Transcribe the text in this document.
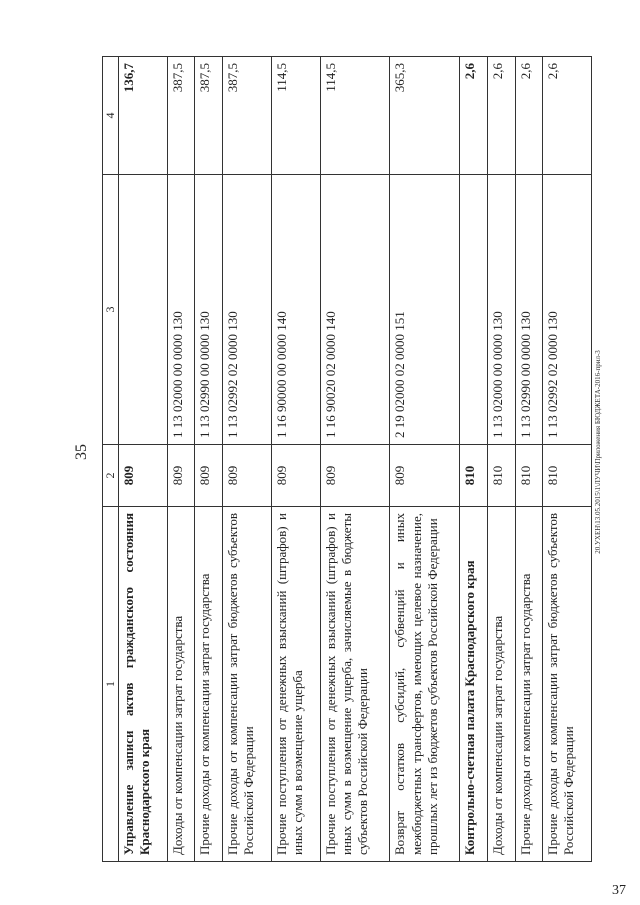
35	20.УХЕН\13.05.2015\1\ЛУЧИ\Приложения БЮДЖЕТА-2016-прил-3
37
1	2	3	4
Управление записи актов гражданского состояния Краснодарского края	809		136,7
Доходы от компенсации затрат государства	809	1 13 02000 00 0000 130	387,5
Прочие доходы от компенсации затрат государства	809	1 13 02990 00 0000 130	387,5
Прочие доходы от компенсации затрат бюджетов субъектов Российской Федерации	809	1 13 02992 02 0000 130	387,5
Прочие поступления от денежных взысканий (штрафов) и иных сумм в возмещение ущерба	809	1 16 90000 00 0000 140	114,5
Прочие поступления от денежных взысканий (штрафов) и иных сумм в возмещение ущерба, зачисляемые в бюджеты субъектов Российской Федерации	809	1 16 90020 02 0000 140	114,5
Возврат остатков субсидий, субвенций и иных межбюджетных трансфертов, имеющих целевое назначение, прошлых лет из бюджетов субъектов Российской Федерации	809	2 19 02000 02 0000 151	365,3
Контрольно-счетная палата Краснодарского края	810		2,6
Доходы от компенсации затрат государства	810	1 13 02000 00 0000 130	2,6
Прочие доходы от компенсации затрат государства	810	1 13 02990 00 0000 130	2,6
Прочие доходы от компенсации затрат бюджетов субъектов Российской Федерации	810	1 13 02992 02 0000 130	2,6
